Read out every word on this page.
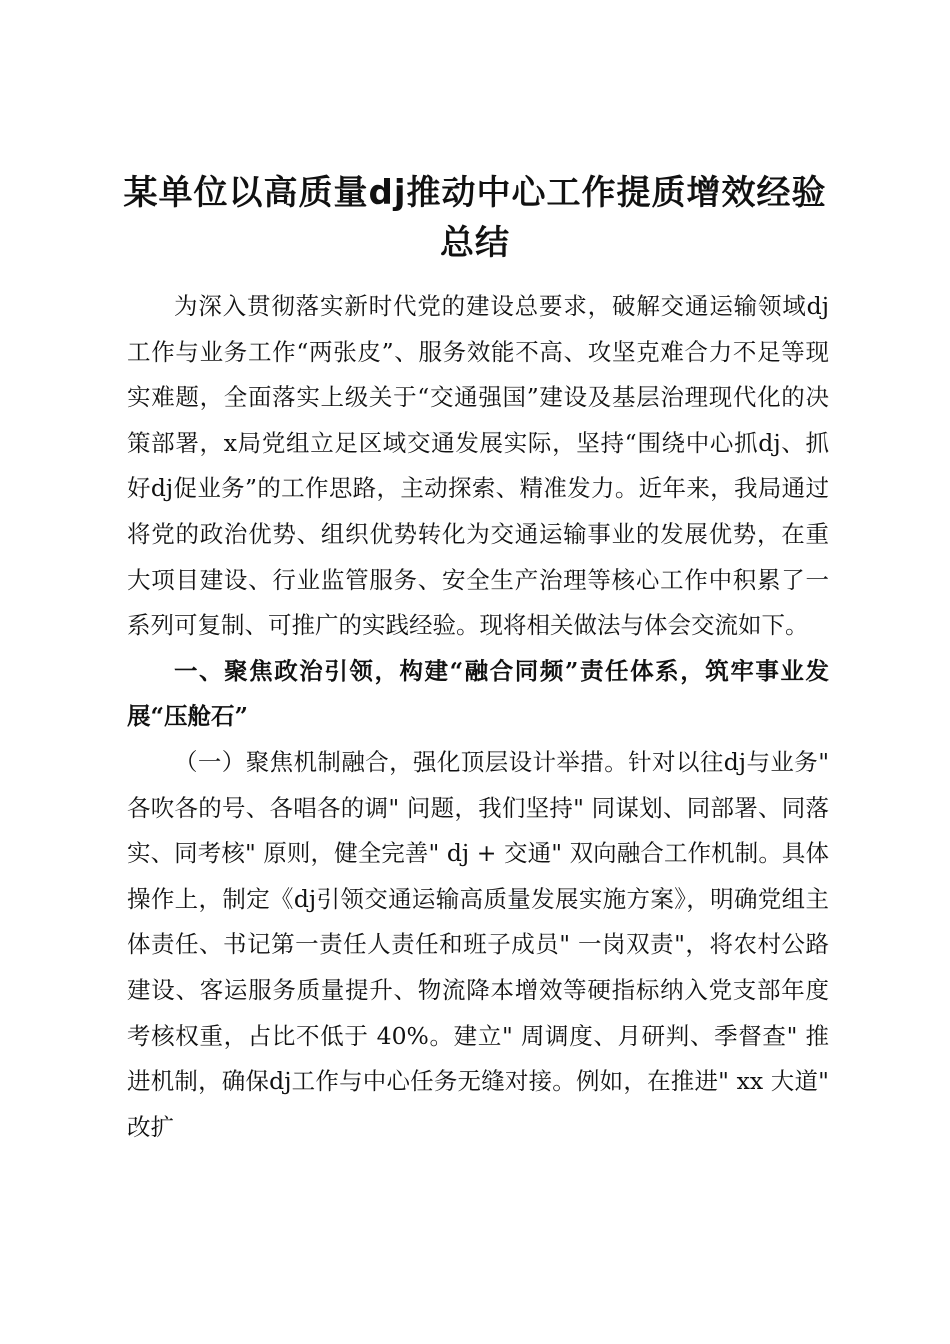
某单位以高质量dj推动中心工作提质增效经验总结

为深入贯彻落实新时代党的建设总要求，破解交通运输领域dj工作与业务工作“两张皮”、服务效能不高、攻坚克难合力不足等现实难题，全面落实上级关于“交通强国”建设及基层治理现代化的决策部署，x局党组立足区域交通发展实际，坚持“围绕中心抓dj、抓好dj促业务”的工作思路，主动探索、精准发力。近年来，我局通过将党的政治优势、组织优势转化为交通运输事业的发展优势，在重大项目建设、行业监管服务、安全生产治理等核心工作中积累了一系列可复制、可推广的实践经验。现将相关做法与体会交流如下。

一、聚焦政治引领，构建“融合同频”责任体系，筑牢事业发展“压舱石”

（一）聚焦机制融合，强化顶层设计举措。针对以往dj与业务" 各吹各的号、各唱各的调" 问题，我们坚持" 同谋划、同部署、同落实、同考核" 原则，健全完善" dj + 交通" 双向融合工作机制。具体操作上，制定《dj引领交通运输高质量发展实施方案》，明确党组主体责任、书记第一责任人责任和班子成员" 一岗双责"，将农村公路建设、客运服务质量提升、物流降本增效等硬指标纳入党支部年度考核权重，占比不低于 40%。建立" 周调度、月研判、季督查" 推进机制，确保dj工作与中心任务无缝对接。例如，在推进" xx 大道" 改扩
